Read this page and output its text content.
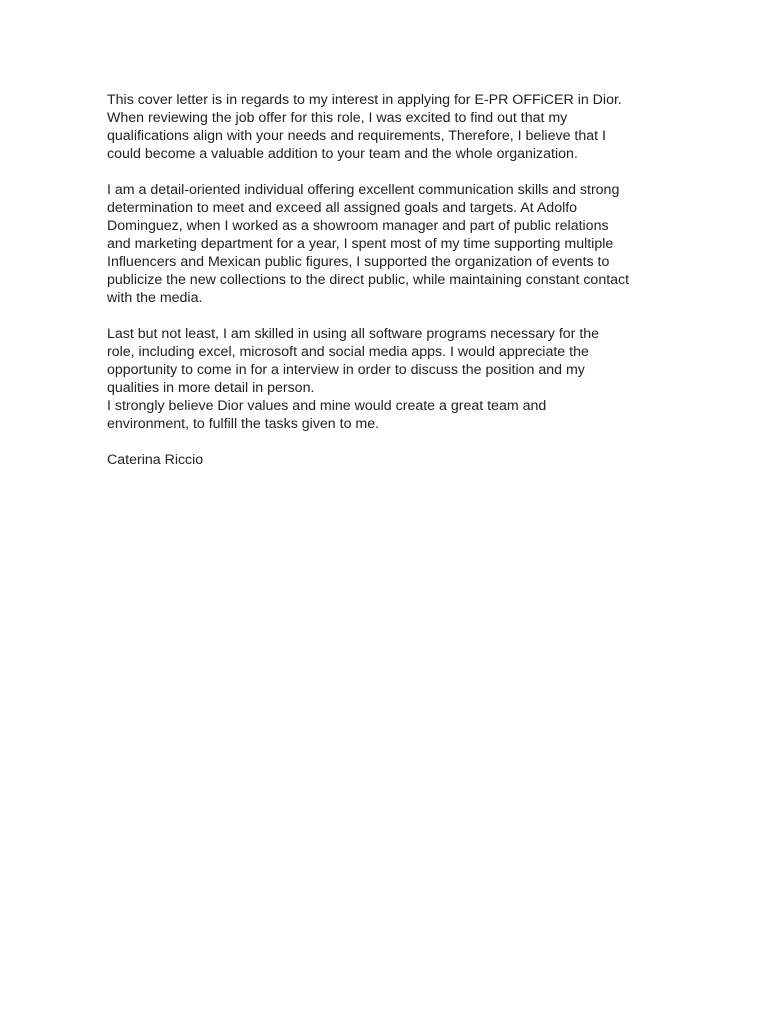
This cover letter is in regards to my interest in applying for E-PR OFFiCER in Dior.
When reviewing the job offer for this role, I was excited to find out that my
qualifications align with your needs and requirements, Therefore, I believe that I
could become a valuable addition to your team and the whole organization.
I am a detail-oriented individual offering excellent communication skills and strong
determination to meet and exceed all assigned goals and targets. At Adolfo
Dominguez, when I worked as a showroom manager and part of public relations
and marketing department for a year, I spent most of my time supporting multiple
Influencers and Mexican public figures, I supported the organization of events to
publicize the new collections to the direct public, while maintaining constant contact
with the media.
Last but not least, I am skilled in using all software programs necessary for the
role, including excel, microsoft and social media apps. I would appreciate the
opportunity to come in for a interview in order to discuss the position and my
qualities in more detail in person.
I strongly believe Dior values and mine would create a great team and
environment, to fulfill the tasks given to me.
Caterina Riccio
